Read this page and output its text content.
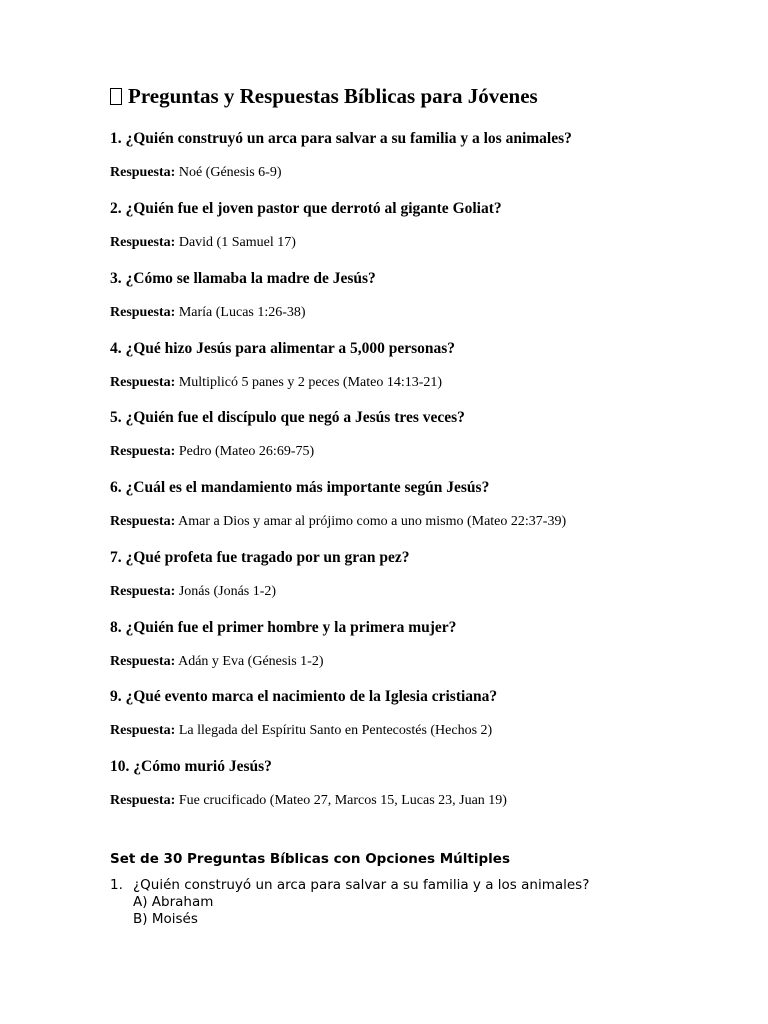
Preguntas y Respuestas Bíblicas para Jóvenes

1. ¿Quién construyó un arca para salvar a su familia y a los animales?

Respuesta: Noé (Génesis 6-9)

2. ¿Quién fue el joven pastor que derrotó al gigante Goliat?

Respuesta: David (1 Samuel 17)

3. ¿Cómo se llamaba la madre de Jesús?

Respuesta: María (Lucas 1:26-38)

4. ¿Qué hizo Jesús para alimentar a 5,000 personas?

Respuesta: Multiplicó 5 panes y 2 peces (Mateo 14:13-21)

5. ¿Quién fue el discípulo que negó a Jesús tres veces?

Respuesta: Pedro (Mateo 26:69-75)

6. ¿Cuál es el mandamiento más importante según Jesús?

Respuesta: Amar a Dios y amar al prójimo como a uno mismo (Mateo 22:37-39)

7. ¿Qué profeta fue tragado por un gran pez?

Respuesta: Jonás (Jonás 1-2)

8. ¿Quién fue el primer hombre y la primera mujer?

Respuesta: Adán y Eva (Génesis 1-2)

9. ¿Qué evento marca el nacimiento de la Iglesia cristiana?

Respuesta: La llegada del Espíritu Santo en Pentecostés (Hechos 2)

10. ¿Cómo murió Jesús?

Respuesta: Fue crucificado (Mateo 27, Marcos 15, Lucas 23, Juan 19)

Set de 30 Preguntas Bíblicas con Opciones Múltiples
1. ¿Quién construyó un arca para salvar a su familia y a los animales?
A) Abraham
B) Moisés
